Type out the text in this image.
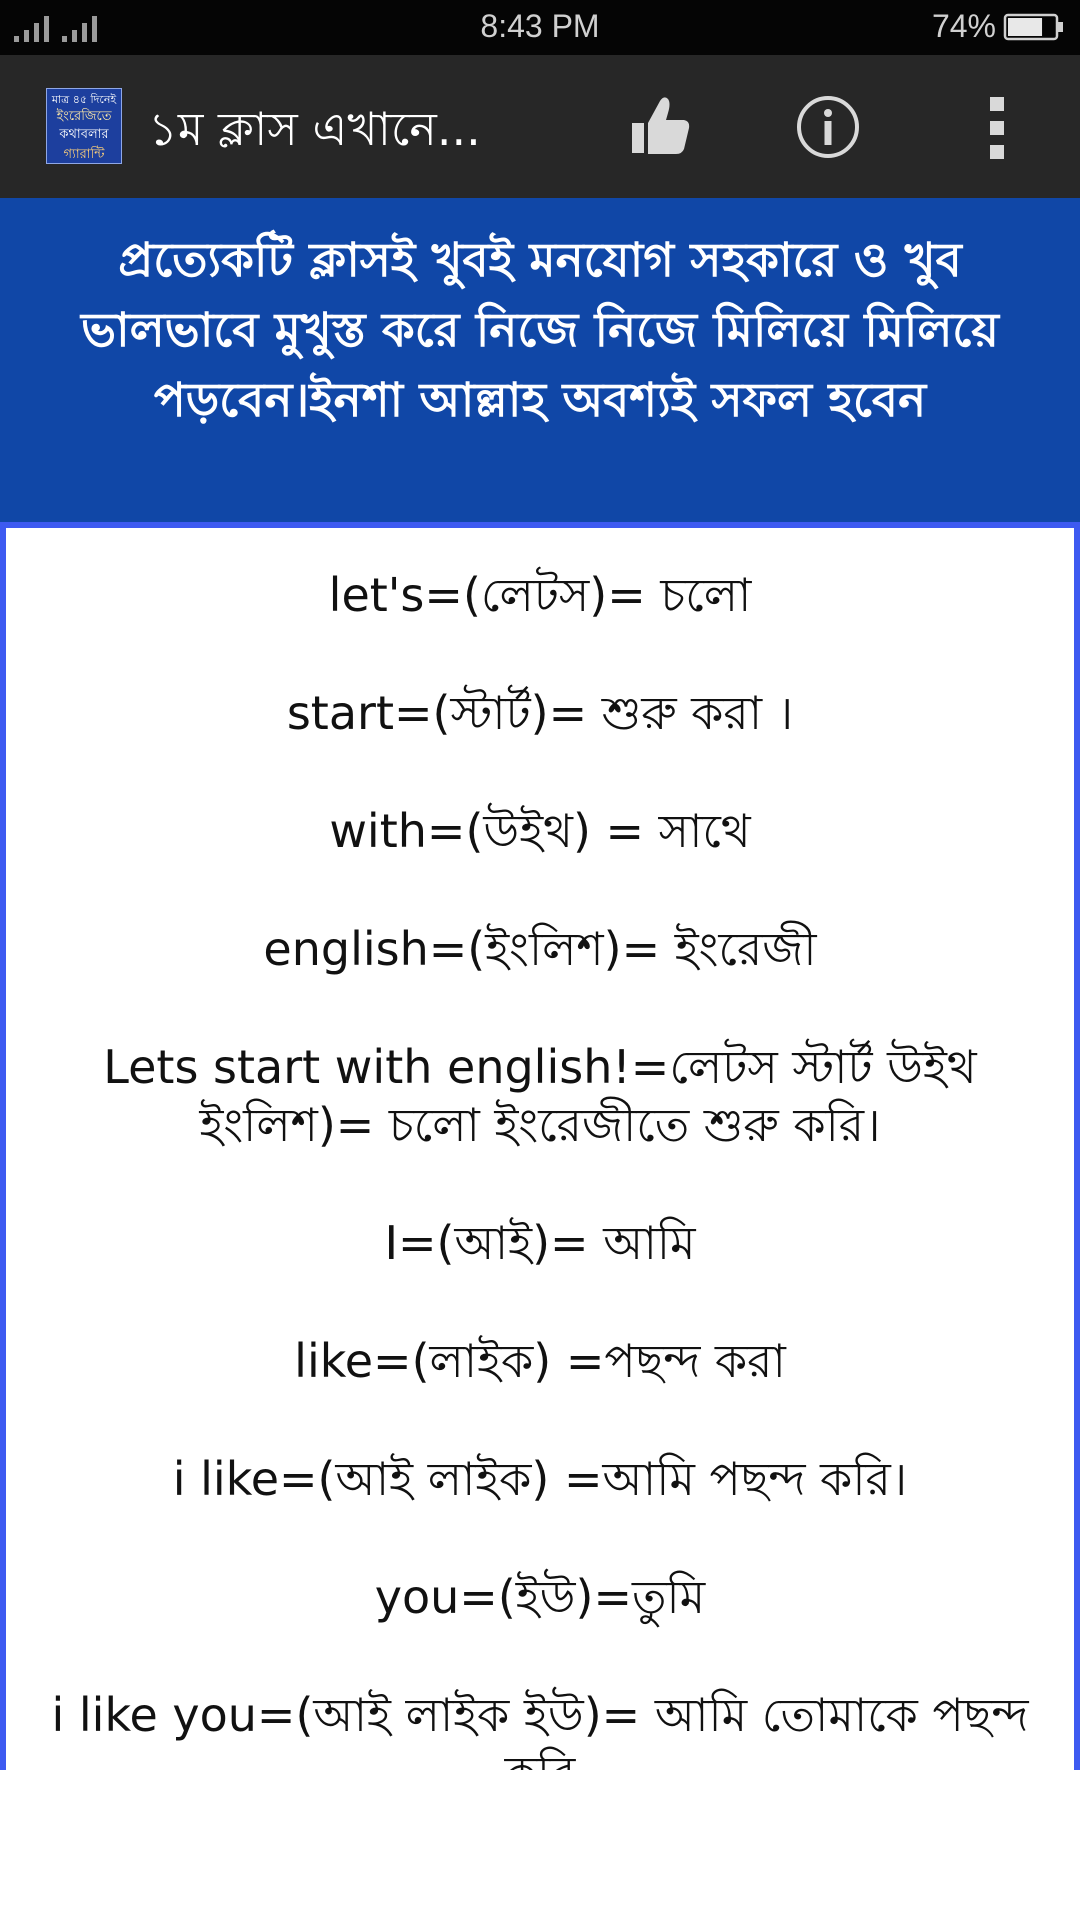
8:43 PM	74%
মাত্র ৪৫ দিনেই
ইংরেজিতে
কথাবলার
গ্যারান্টি ১ম ক্লাস এখানে...
প্রত্যেকটি ক্লাসই খুবই মনযোগ সহকারে ও খুব ভালভাবে মুখুস্ত করে নিজে নিজে মিলিয়ে মিলিয়ে পড়বেন।ইনশা আল্লাহ অবশ্যই সফল হবেন
let's=(লেটস)= চলো
start=(স্টার্ট)= শুরু করা ।
with=(উইথ) = সাথে
english=(ইংলিশ)= ইংরেজী
Lets start with english!=লেটস স্টার্ট উইথ ইংলিশ)= চলো ইংরেজীতে শুরু করি।
I=(আই)= আমি
like=(লাইক) =পছন্দ করা
i like=(আই লাইক) =আমি পছন্দ করি।
you=(ইউ)=তুমি
i like you=(আই লাইক ইউ)= আমি তোমাকে পছন্দ
